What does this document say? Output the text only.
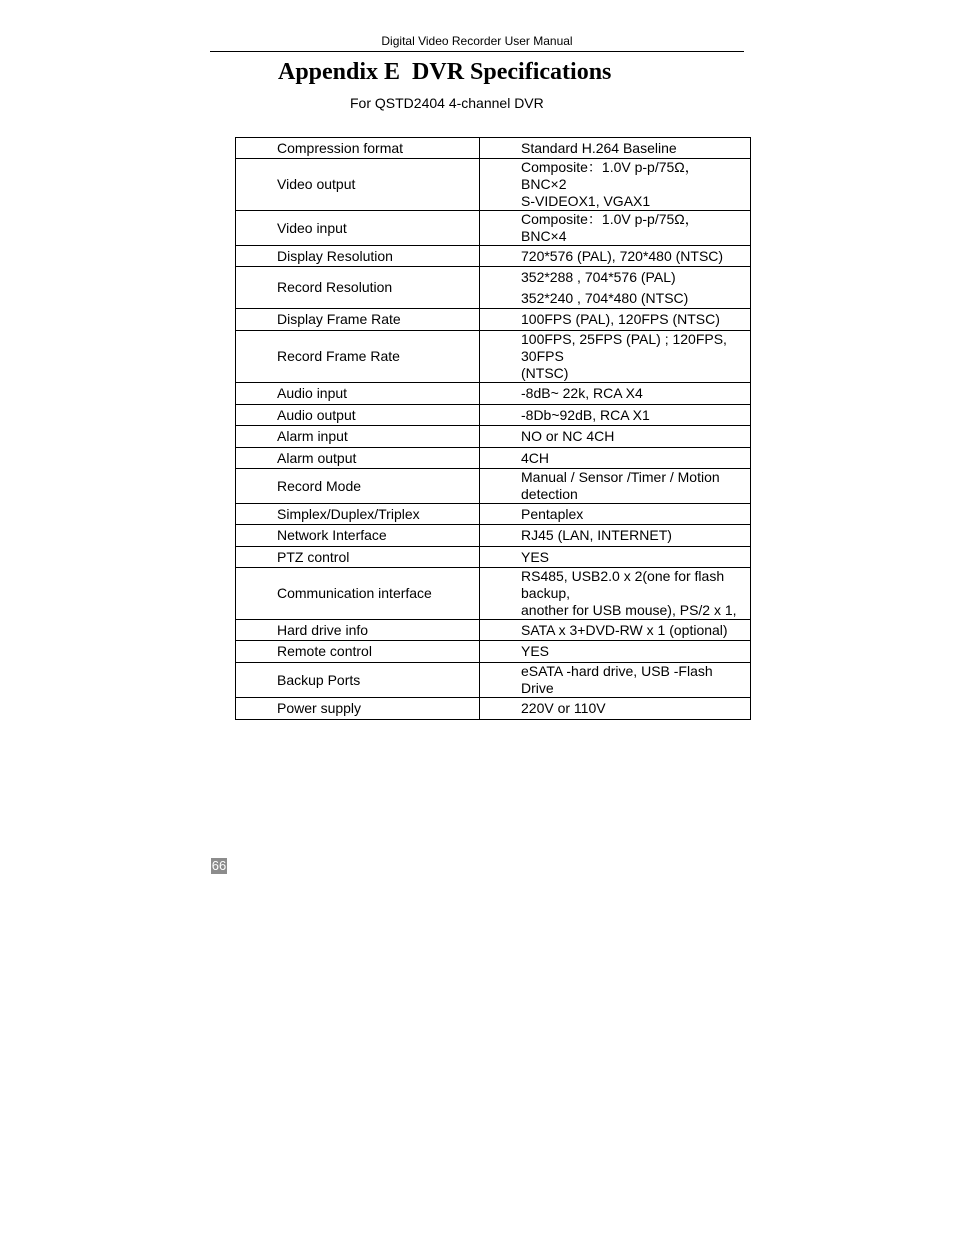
Digital Video Recorder User Manual
Appendix E  DVR Specifications
For QSTD2404 4-channel DVR
Compression format	Standard H.264 Baseline

Video output	Composite：1.0V p-p/75Ω，BNC×2
S-VIDEOX1, VGAX1

Video input	Composite：1.0V p-p/75Ω，BNC×4

Display Resolution	720*576 (PAL), 720*480 (NTSC)

Record Resolution	352*288 , 704*576 (PAL)
352*240 , 704*480 (NTSC)

Display Frame Rate	100FPS (PAL), 120FPS (NTSC)

Record Frame Rate	100FPS, 25FPS (PAL) ; 120FPS, 30FPS
(NTSC)

Audio input	-8dB~ 22k, RCA X4

Audio output	-8Db~92dB, RCA X1

Alarm input	NO or NC 4CH

Alarm output	4CH

Record Mode	Manual / Sensor /Timer / Motion detection

Simplex/Duplex/Triplex	Pentaplex

Network Interface	RJ45 (LAN, INTERNET)

PTZ control	YES

Communication interface	RS485, USB2.0 x 2(one for flash backup,
another for USB mouse), PS/2 x 1,

Hard drive info	SATA x 3+DVD-RW x 1 (optional)

Remote control	YES

Backup Ports	eSATA -hard drive, USB -Flash Drive

Power supply	220V or 110V
66
